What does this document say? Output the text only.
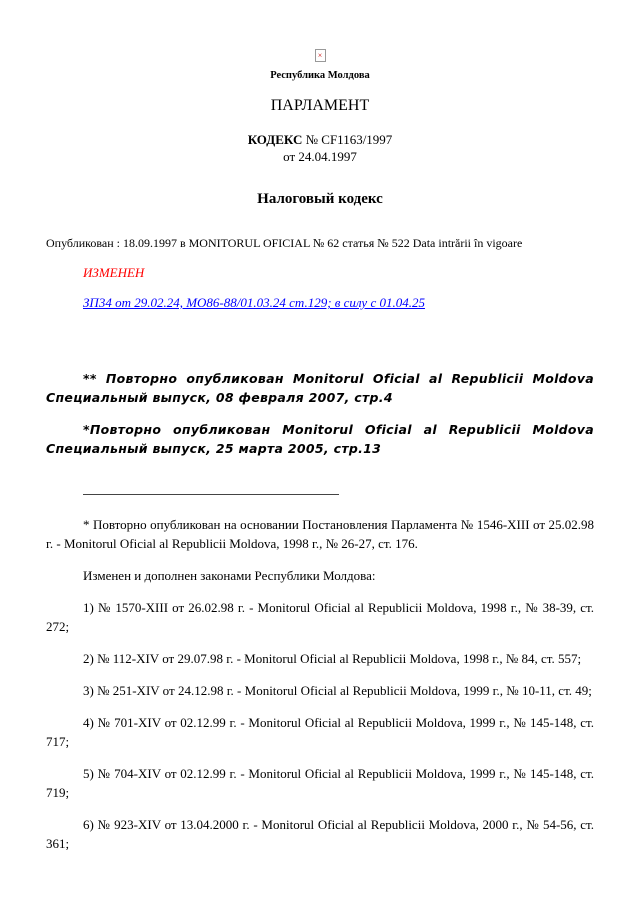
×
Республика Молдова
ПАРЛАМЕНТ
КОДЕКС № CF1163/1997
от 24.04.1997
Налоговый кодекс
Опубликован : 18.09.1997 в MONITORUL OFICIAL № 62 статья № 522 Data intrării în vigoare
ИЗМЕНЕН
ЗП34 от 29.02.24, MO86-88/01.03.24 ст.129; в силу с 01.04.25

** Повторно опубликован Monitorul Oficial al Republicii Moldova Специальный выпуск, 08 февраля 2007, стр.4

*Повторно опубликован Monitorul Oficial al Republicii Moldova Специальный выпуск, 25 марта 2005, стр.13

* Повторно опубликован на основании Постановления Парламента № 1546-XIII от 25.02.98 г. - Monitorul Oficial al Republicii Moldova, 1998 г., № 26-27, ст. 176.

Изменен и дополнен законами Республики Молдова:

1) № 1570-XIII от 26.02.98 г. - Monitorul Oficial al Republicii Moldova, 1998 г., № 38-39, ст. 272;

2) № 112-XIV от 29.07.98 г. - Monitorul Oficial al Republicii Moldova, 1998 г., № 84, ст. 557;

3) № 251-XIV от 24.12.98 г. - Monitorul Oficial al Republicii Moldova, 1999 г., № 10-11, ст. 49;

4) № 701-XIV от 02.12.99 г. - Monitorul Oficial al Republicii Moldova, 1999 г., № 145-148, ст. 717;

5) № 704-XIV от 02.12.99 г. - Monitorul Oficial al Republicii Moldova, 1999 г., № 145-148, ст. 719;

6) № 923-XIV от 13.04.2000 г. - Monitorul Oficial al Republicii Moldova, 2000 г., № 54-56, ст. 361;
